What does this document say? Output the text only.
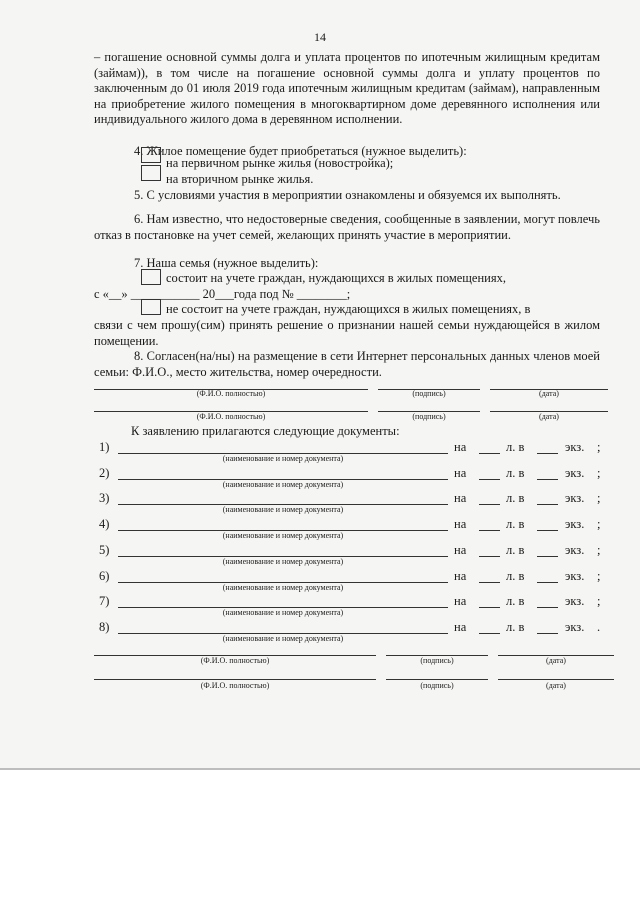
14
– погашение основной суммы долга и уплата процентов по ипотечным жилищным кредитам (займам)), в том числе на погашение основной суммы долга и уплату процентов по заключенным до 01 июля 2019 года ипотечным жилищным кредитам (займам), направленным на приобретение жилого помещения в многоквартирном доме деревянного исполнения или индивидуального жилого дома в деревянном исполнении.
4. Жилое помещение будет приобретаться (нужное выделить):
на первичном рынке жилья (новостройка);
на вторичном рынке жилья.
5. С условиями участия в мероприятии ознакомлены и обязуемся их выполнять.
6. Нам известно, что недостоверные сведения, сообщенные в заявлении, могут повлечь отказ в постановке на учет семей, желающих принять участие в мероприятии.
7. Наша семья (нужное выделить):
состоит на учете граждан, нуждающихся в жилых помещениях,
с «__» ___________ 20___года под № ________;
не состоит на учете граждан, нуждающихся в жилых помещениях, в
связи с чем прошу(сим) принять решение о признании нашей семьи нуждающейся в жилом помещении.
8. Согласен(на/ны) на размещение в сети Интернет персональных данных членов моей семьи: Ф.И.О., место жительства, номер очередности.
(Ф.И.О. полностью)	(подпись)	(дата)
(Ф.И.О. полностью)	(подпись)	(дата)
К заявлению прилагаются следующие документы:
1)
(наименование и номер документа)
на	л. в	экз. ;
2)
(наименование и номер документа)
на	л. в	экз. ;
3)
(наименование и номер документа)
на	л. в	экз. ;
4)
(наименование и номер документа)
на	л. в	экз. ;
5)
(наименование и номер документа)
на	л. в	экз. ;
6)
(наименование и номер документа)
на	л. в	экз. ;
7)
(наименование и номер документа)
на	л. в	экз. ;
8)
(наименование и номер документа)
на	л. в	экз. .
(Ф.И.О. полностью)	(подпись)	(дата)
(Ф.И.О. полностью)	(подпись)	(дата)
